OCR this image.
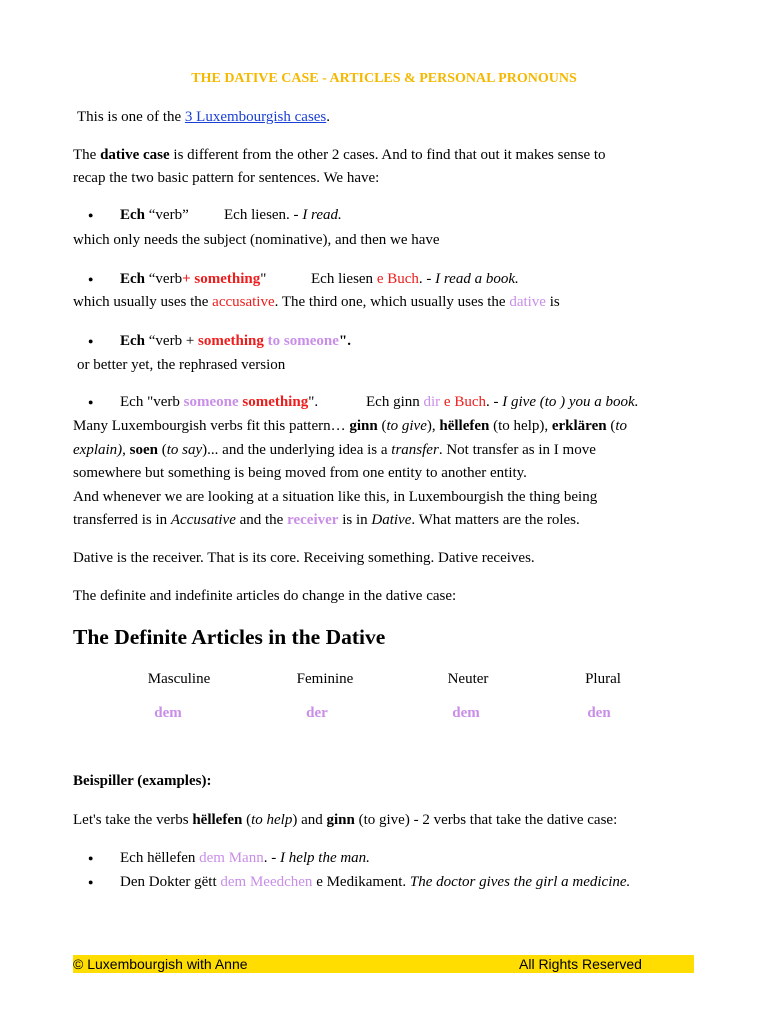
THE DATIVE CASE - ARTICLES & PERSONAL PRONOUNS
This is one of the 3 Luxembourgish cases.
The dative case is different from the other 2 cases. And to find that out it makes sense to
recap the two basic pattern for sentences. We have:
● Ech “verb” Ech liesen. - I read.
which only needs the subject (nominative), and then we have
● Ech “verb+ something"	Ech liesen e Buch. - I read a book.
which usually uses the accusative. The third one, which usually uses the dative is
● Ech “verb + something to someone".
or better yet, the rephrased version
● Ech "verb someone something".	Ech ginn dir e Buch. - I give (to ) you a book.
Many Luxembourgish verbs fit this pattern… ginn (to give), hëllefen (to help), erklären (to
explain), soen (to say)... and the underlying idea is a transfer. Not transfer as in I move
somewhere but something is being moved from one entity to another entity.
And whenever we are looking at a situation like this, in Luxembourgish the thing being
transferred is in Accusative and the receiver is in Dative. What matters are the roles.
Dative is the receiver. That is its core. Receiving something. Dative receives.
The definite and indefinite articles do change in the dative case:
The Definite Articles in the Dative
Masculine	Feminine	Neuter	Plural
dem	der	dem	den
Beispiller (examples):
Let's take the verbs hëllefen (to help) and ginn (to give) - 2 verbs that take the dative case:
● Ech hëllefen dem Mann. - I help the man.
● Den Dokter gëtt dem Meedchen e Medikament. The doctor gives the girl a medicine.
© Luxembourgish with Anne	All Rights Reserved
